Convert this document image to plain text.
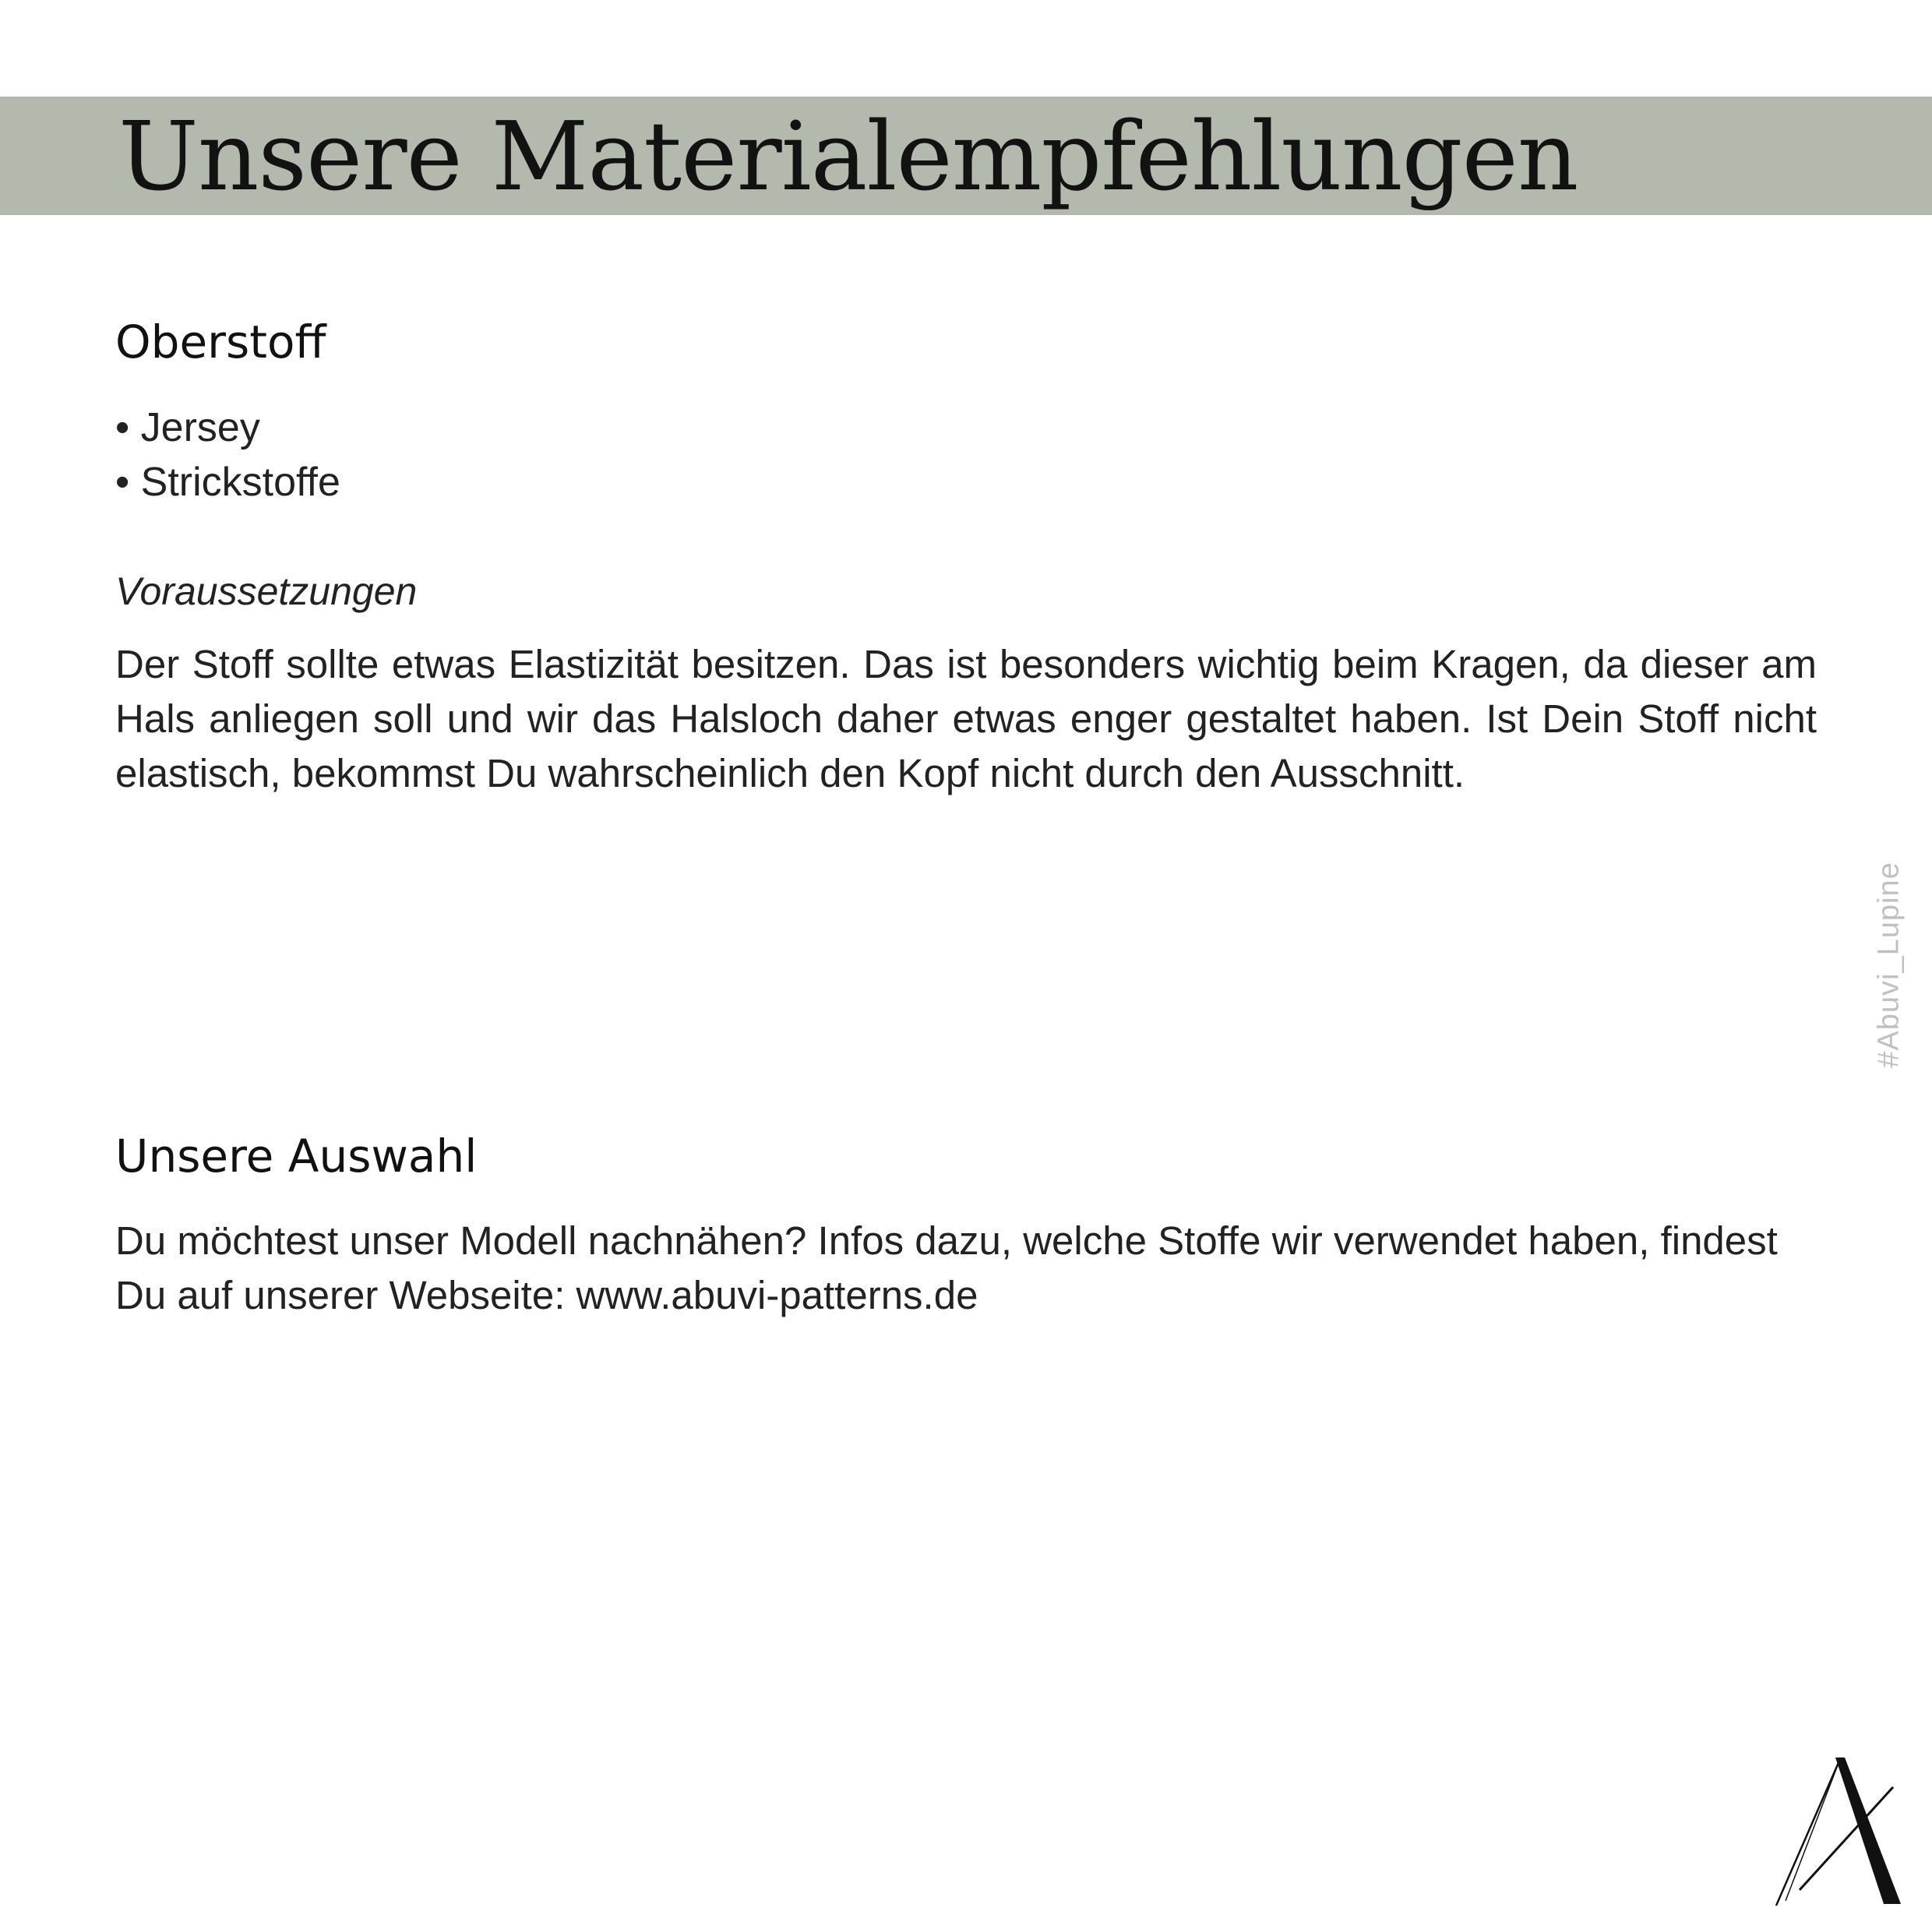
Unsere Materialempfehlungen
Oberstoff
• Jersey
• Strickstoffe
Voraussetzungen

Der Stoff sollte etwas Elastizität besitzen. Das ist besonders wichtig beim Kragen, da dieser am Hals anliegen soll und wir das Halsloch daher etwas enger gestaltet haben. Ist Dein Stoff nicht elastisch, bekommst Du wahrscheinlich den Kopf nicht durch den Ausschnitt.

#Abuvi_Lupine
Unsere Auswahl

Du möchtest unser Modell nachnähen? Infos dazu, welche Stoffe wir verwendet haben, findest Du auf unserer Webseite: www.abuvi-patterns.de
